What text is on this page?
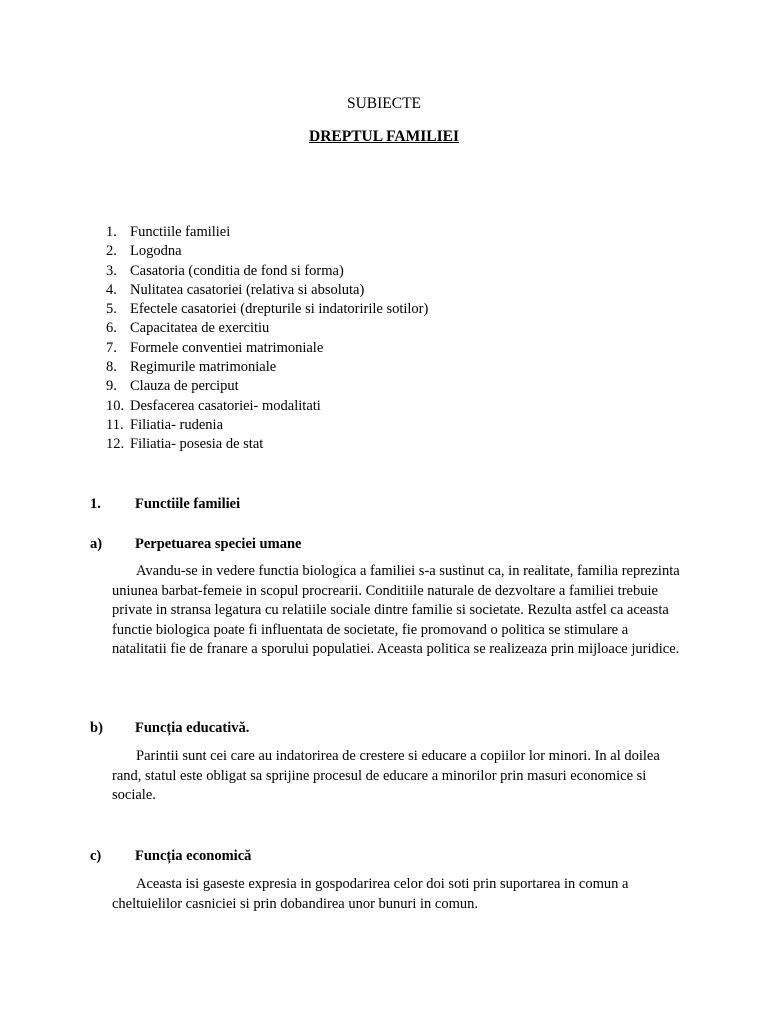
SUBIECTE
DREPTUL FAMILIEI
1. Functiile familiei
2. Logodna
3. Casatoria (conditia de fond si forma)
4. Nulitatea casatoriei (relativa si absoluta)
5. Efectele casatoriei (drepturile si indatoririle sotilor)
6. Capacitatea de exercitiu
7. Formele conventiei matrimoniale
8. Regimurile matrimoniale
9. Clauza de perciput
10. Desfacerea casatoriei- modalitati
11. Filiatia- rudenia
12. Filiatia- posesia de stat
1.	Functiile familiei
a)	Perpetuarea speciei umane

Avandu-se in vedere functia biologica a familiei s-a sustinut ca, in realitate, familia reprezinta uniunea barbat-femeie in scopul procrearii. Conditiile naturale de dezvoltare a familiei trebuie private in stransa legatura cu relatiile sociale dintre familie si societate. Rezulta astfel ca aceasta functie biologica poate fi influentata de societate, fie promovand o politica se stimulare a natalitatii fie de franare a sporului populatiei. Aceasta politica se realizeaza prin mijloace juridice.

b)	Funcția educativă.

Parintii sunt cei care au indatorirea de crestere si educare a copiilor lor minori. In al doilea rand, statul este obligat sa sprijine procesul de educare a minorilor prin masuri economice si sociale.

c)	Funcția economică

Aceasta isi gaseste expresia in gospodarirea celor doi soti prin suportarea in comun a cheltuielilor casniciei si prin dobandirea unor bunuri in comun.
